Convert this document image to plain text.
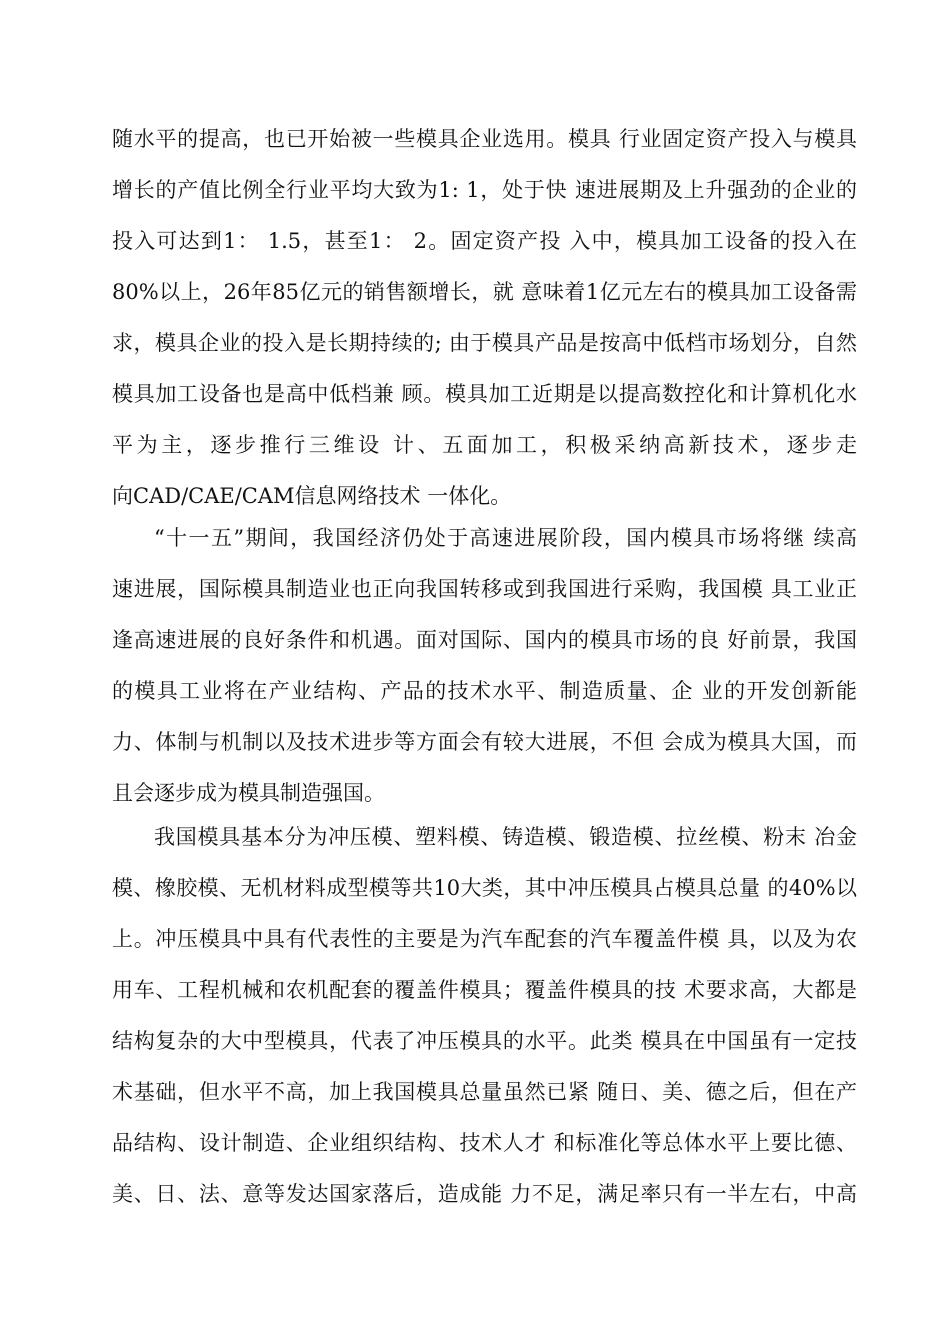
随水平的提高，也已开始被一些模具企业选用。模具 行业固定资产投入与模具
增长的产值比例全行业平均大致为1: 1，处于快 速进展期及上升强劲的企业的
投入可达到1： 1.5，甚至1： 2。固定资产投 入中，模具加工设备的投入在
80%以上，26年85亿元的销售额增长，就 意味着1亿元左右的模具加工设备需
求，模具企业的投入是长期持续的; 由于模具产品是按高中低档市场划分，自然
模具加工设备也是高中低档兼 顾。模具加工近期是以提高数控化和计算机化水
平为主，逐步推行三维设 计、五面加工，积极采纳高新技术，逐步走
向CAD/CAE/CAM信息网络技术 一体化。
“十一五”期间，我国经济仍处于高速进展阶段，国内模具市场将继 续高
速进展，国际模具制造业也正向我国转移或到我国进行采购，我国模 具工业正
逢高速进展的良好条件和机遇。面对国际、国内的模具市场的良 好前景，我国
的模具工业将在产业结构、产品的技术水平、制造质量、企 业的开发创新能
力、体制与机制以及技术进步等方面会有较大进展，不但 会成为模具大国，而
且会逐步成为模具制造强国。
我国模具基本分为冲压模、塑料模、铸造模、锻造模、拉丝模、粉末 冶金
模、橡胶模、无机材料成型模等共10大类，其中冲压模具占模具总量 的40%以
上。冲压模具中具有代表性的主要是为汽车配套的汽车覆盖件模 具，以及为农
用车、工程机械和农机配套的覆盖件模具；覆盖件模具的技 术要求高，大都是
结构复杂的大中型模具，代表了冲压模具的水平。此类 模具在中国虽有一定技
术基础，但水平不高，加上我国模具总量虽然已紧 随日、美、德之后，但在产
品结构、设计制造、企业组织结构、技术人才 和标准化等总体水平上要比德、
美、日、法、意等发达国家落后，造成能 力不足，满足率只有一半左右，中高
